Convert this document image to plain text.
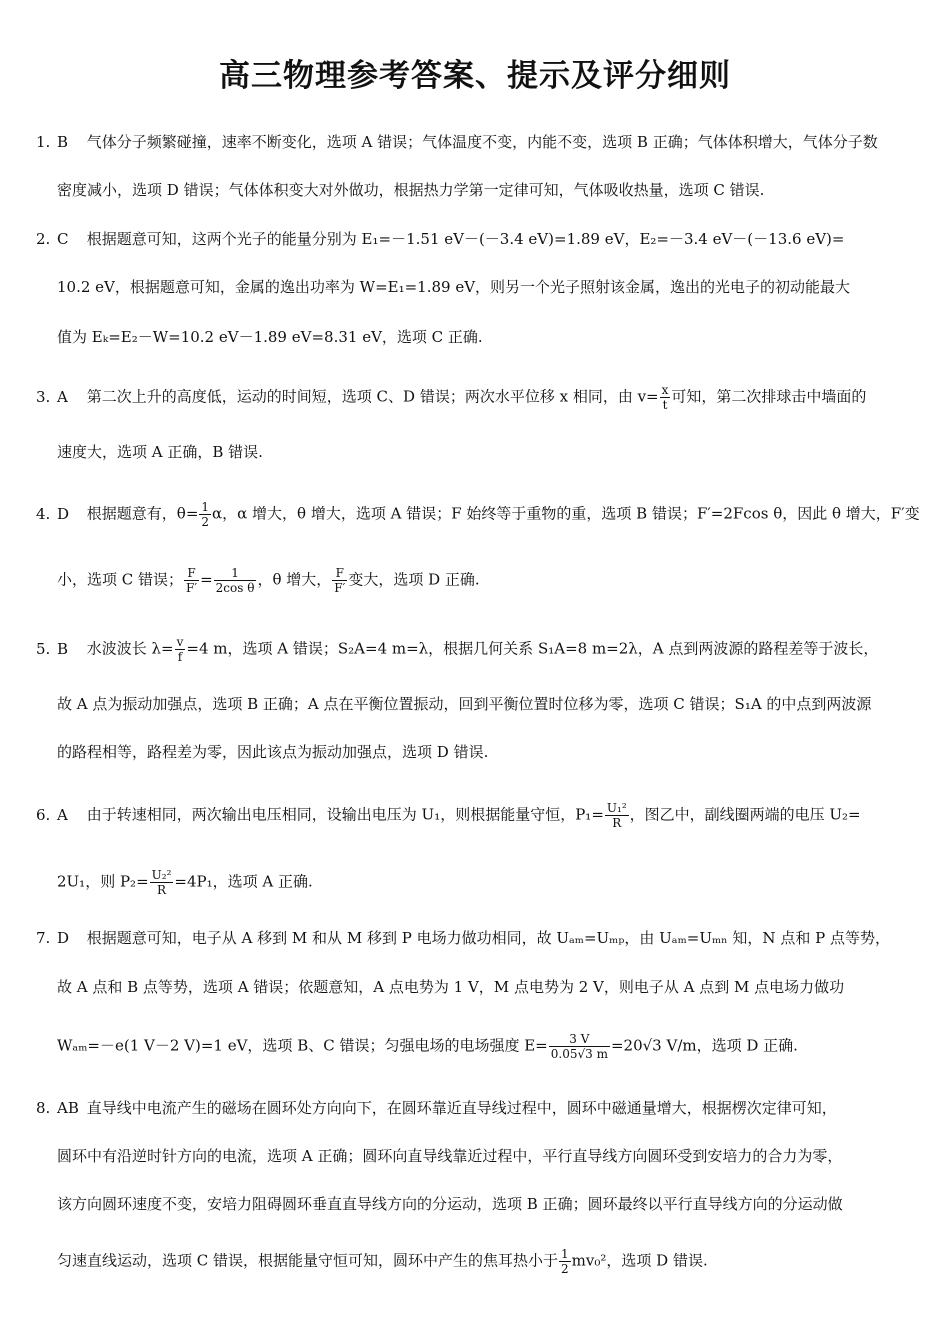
高三物理参考答案、提示及评分细则
1. B 气体分子频繁碰撞，速率不断变化，选项 A 错误；气体温度不变，内能不变，选项 B 正确；气体体积增大，气体分子数
密度减小，选项 D 错误；气体体积变大对外做功，根据热力学第一定律可知，气体吸收热量，选项 C 错误.
2. C 根据题意可知，这两个光子的能量分别为 E₁=－1.51 eV－(－3.4 eV)=1.89 eV，E₂=－3.4 eV－(－13.6 eV)=
10.2 eV，根据题意可知，金属的逸出功率为 W=E₁=1.89 eV，则另一个光子照射该金属，逸出的光电子的初动能最大
值为 Eₖ=E₂－W=10.2 eV－1.89 eV=8.31 eV，选项 C 正确.
3. A 第二次上升的高度低，运动的时间短，选项 C、D 错误；两次水平位移 x 相同，由 $v= \frac{x}{t}$ 可知，第二次排球击中墙面的
速度大，选项 A 正确，B 错误.
4. D 根据题意有，$\theta= \frac{1}{2}$ α，α 增大，θ 增大，选项 A 错误；F 始终等于重物的重，选项 B 错误；F′=2Fcos θ，因此 θ 增大，F′变
小，选项 C 错误； $\frac{F}{F'} = \frac{1}{\text{2cos θ}}$ ，θ 增大， $\frac{F}{F'}$ 变大，选项 D 正确.
5. B 水波波长 $\lambda= \frac{v}{f} =4$ m，选项 A 错误；S₂A=4 m=λ，根据几何关系 S₁A=8 m=2λ，A 点到两波源的路程差等于波长，
故 A 点为振动加强点，选项 B 正确；A 点在平衡位置振动，回到平衡位置时位移为零，选项 C 错误；S₁A 的中点到两波源
的路程相等，路程差为零，因此该点为振动加强点，选项 D 错误.
6. A 由于转速相同，两次输出电压相同，设输出电压为 U₁，则根据能量守恒，$P_1= \frac{\text{U₁²}}{R}$ ，图乙中，副线圈两端的电压 U₂=
2U₁，则 $P_2= \frac{\text{U₂²}}{R} =4P_1$，选项 A 正确.
7. D 根据题意可知，电子从 A 移到 M 和从 M 移到 P 电场力做功相同，故 Uₐₘ=Uₘₚ，由 Uₐₘ=Uₘₙ 知，N 点和 P 点等势，
故 A 点和 B 点等势，选项 A 错误；依题意知，A 点电势为 1 V，M 点电势为 2 V，则电子从 A 点到 M 点电场力做功
Wₐₘ=－e(1 V－2 V)=1 eV，选项 B、C 错误；匀强电场的电场强度 $E= \frac{3 V}{0.05√3 m} =20√3$ V/m，选项 D 正确.
8. AB 直导线中电流产生的磁场在圆环处方向向下，在圆环靠近直导线过程中，圆环中磁通量增大，根据楞次定律可知，
圆环中有沿逆时针方向的电流，选项 A 正确；圆环向直导线靠近过程中，平行直导线方向圆环受到安培力的合力为零，
该方向圆环速度不变，安培力阻碍圆环垂直直导线方向的分运动，选项 B 正确；圆环最终以平行直导线方向的分运动做
匀速直线运动，选项 C 错误，根据能量守恒可知，圆环中产生的焦耳热小于 $\frac{1}{2} mv_0^2$，选项 D 错误.
